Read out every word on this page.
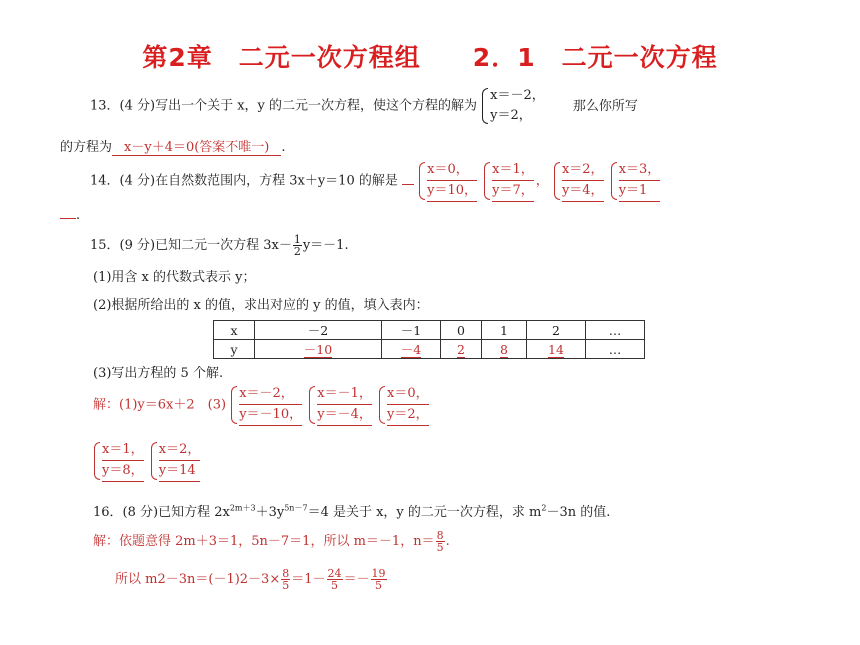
第2章　二元一次方程组　　2．1　二元一次方程
13．(4 分)写出一个关于 x，y 的二元一次方程，使这个方程的解为
x＝－2，
y＝2，
那么你所写
的方程为 x－y＋4＝0(答案不唯一) .
14．(4 分)在自然数范围内，方程 3x＋y＝10 的解是 $\frac{x=0,}{y=10,}$
$\frac{x=1,}{y=7,}$ ， $\frac{x=2,}{y=4,}$
$\frac{x=3,}{y=1}$
.
15．(9 分)已知二元一次方程 $3x- \frac{1}{2} y=-1$.
(1)用含 x 的代数式表示 y；
(2)根据所给出的 x 的值，求出对应的 y 的值，填入表内：
x	－2	－1	0	1	2	…
y	－10	－4	2	8	14	…
(3)写出方程的 5 个解.
解：(1)y＝6x＋2　$(3) \frac{x=-2,}{y=-10,}$
$\frac{x=-1,}{y=-4,}$
$\frac{x=0,}{y=2,}$
$\frac{x=1,}{y=8,}$
$\frac{x=2,}{y=14}$
16．(8 分)已知方程 $2x^{2m+3}+3y^{5n-7}=4$ 是关于 x，y 的二元一次方程，求 $m^2-3n$ 的值.
解：依题意得 2m＋3＝1，5n－7＝1，所以 m＝－1，$n= \frac{8}{5}$ .
所以 $m2-3n=(-1)2-3\times \frac{8}{5} =1- \frac{24}{5} =- \frac{19}{5}$
